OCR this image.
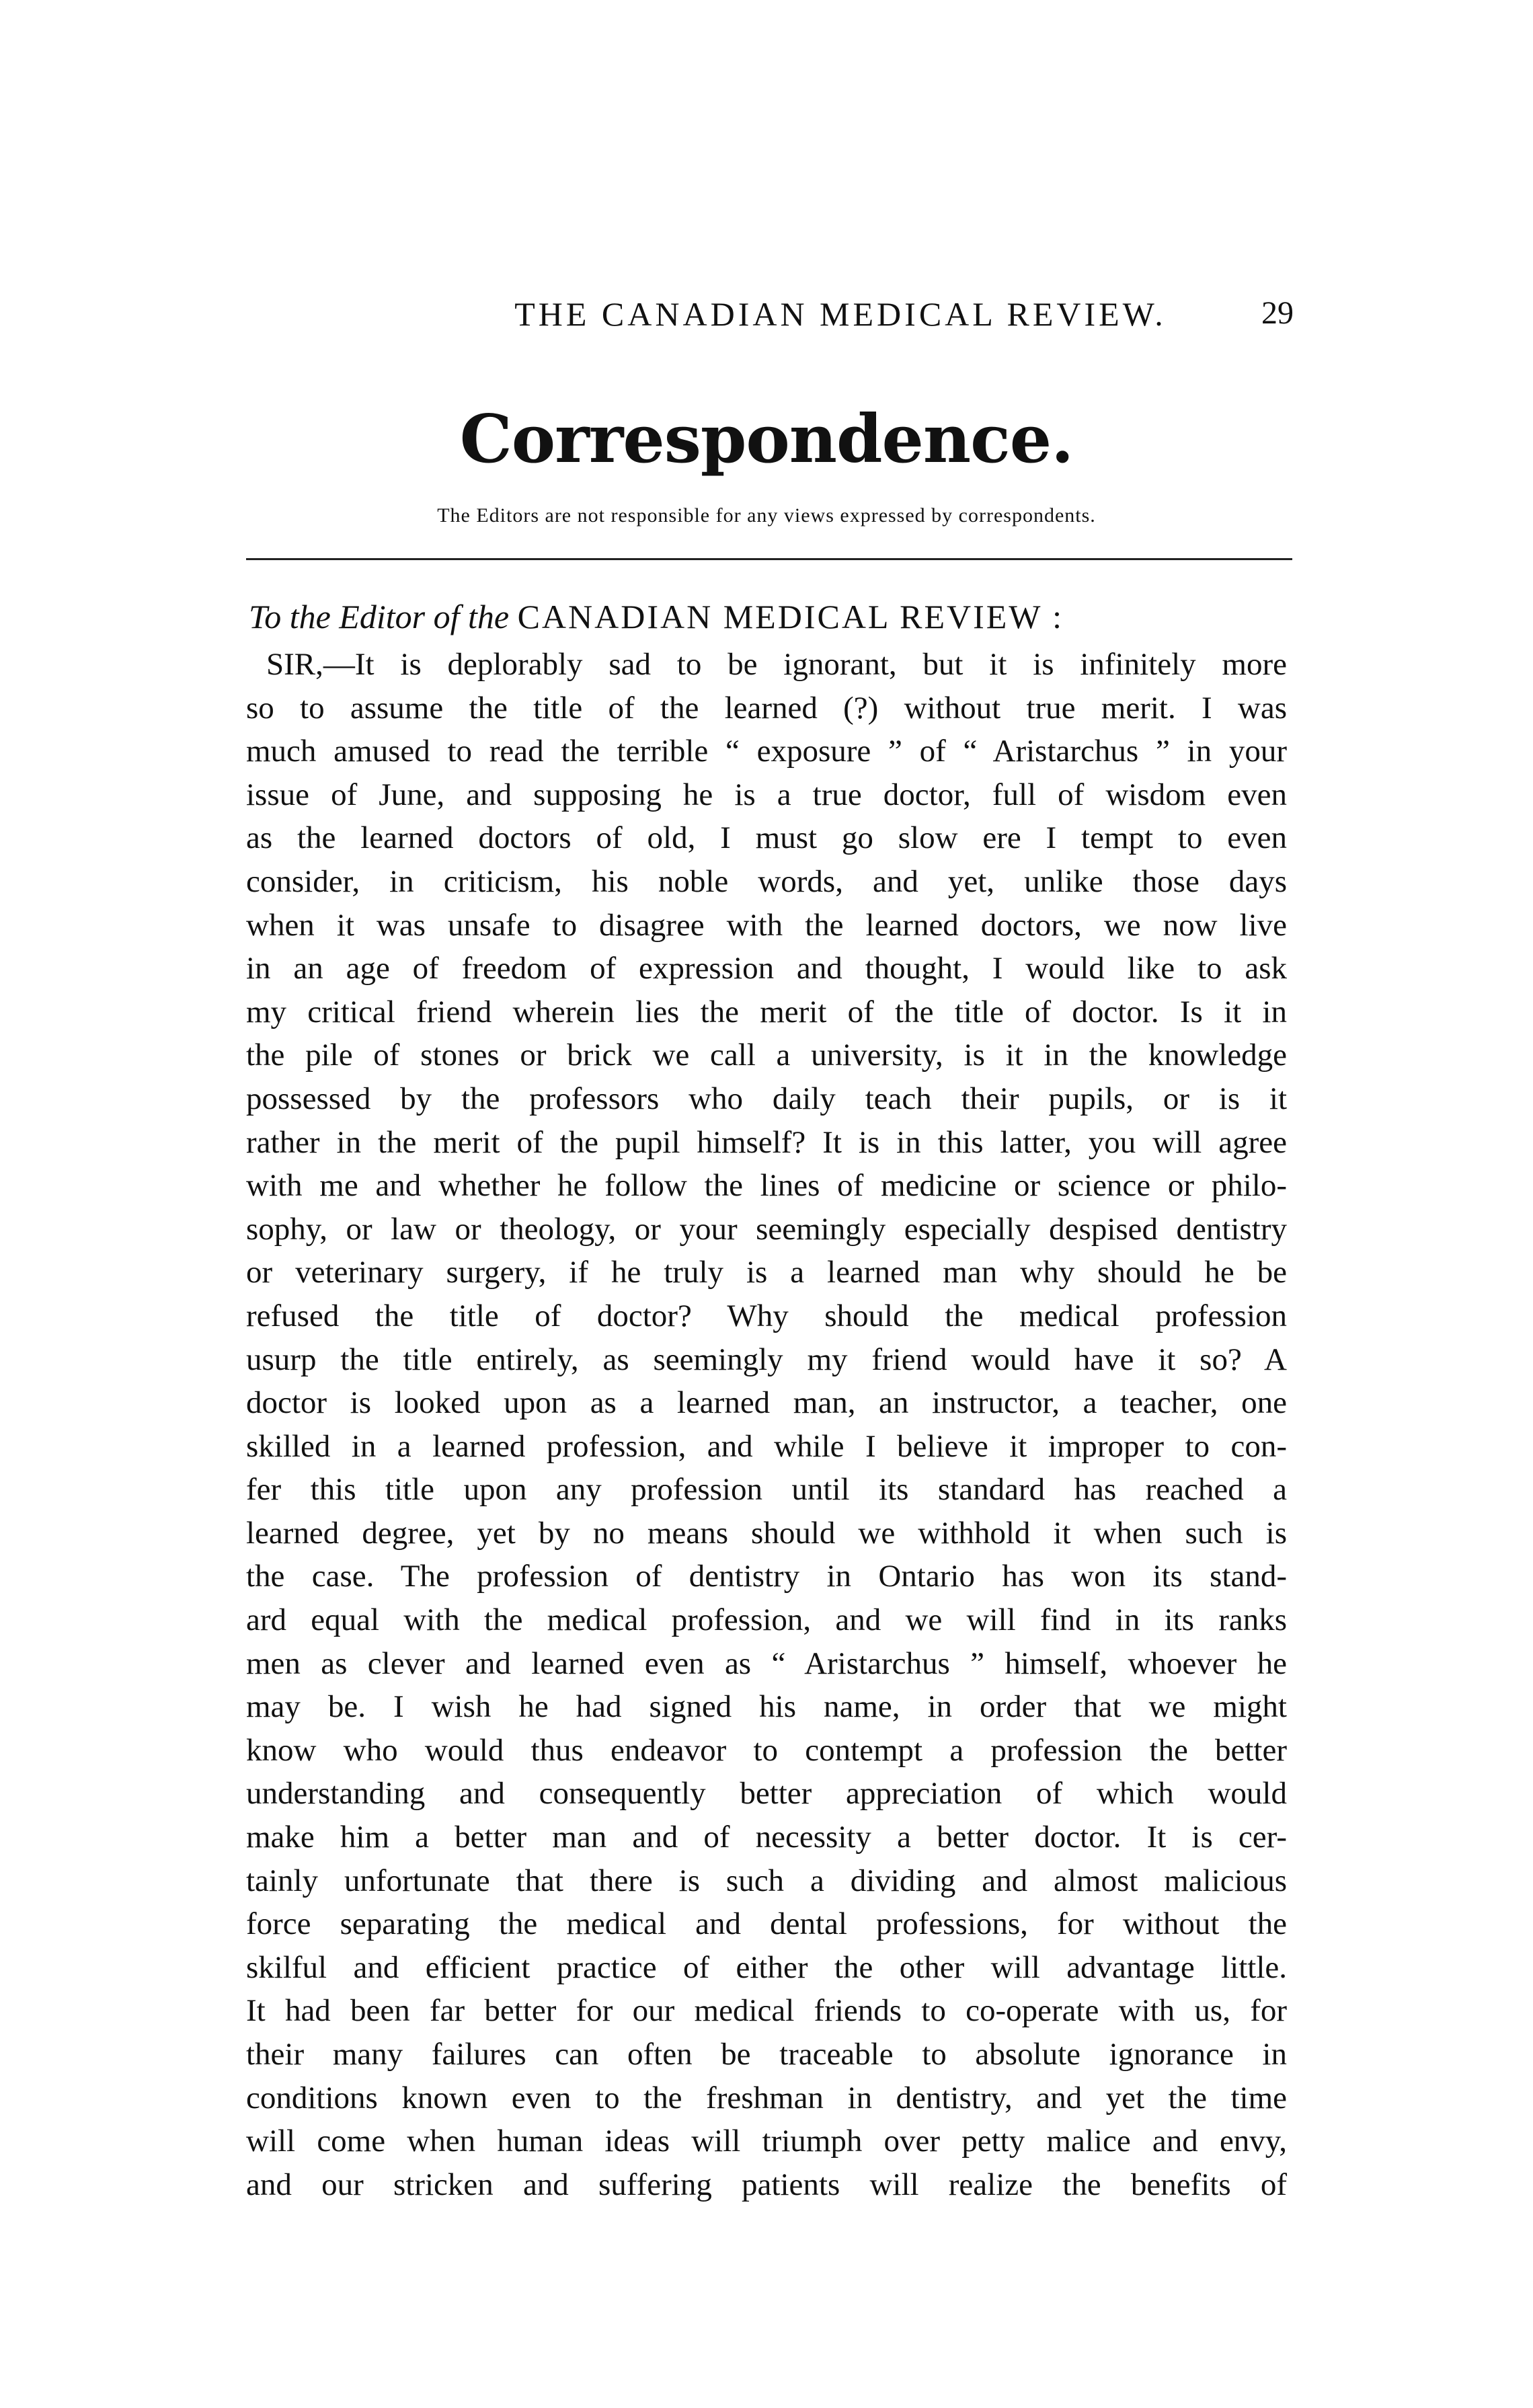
THE CANADIAN MEDICAL REVIEW.	29
Correspondence.
The Editors are not responsible for any views expressed by correspondents.
To the Editor of the CANADIAN MEDICAL REVIEW :
SIR,—It is deplorably sad to be ignorant, but it is infinitely more
so to assume the title of the learned (?) without true merit. I was
much amused to read the terrible “ exposure ” of “ Aristarchus ” in your
issue of June, and supposing he is a true doctor, full of wisdom even
as the learned doctors of old, I must go slow ere I tempt to even
consider, in criticism, his noble words, and yet, unlike those days
when it was unsafe to disagree with the learned doctors, we now live
in an age of freedom of expression and thought, I would like to ask
my critical friend wherein lies the merit of the title of doctor. Is it in
the pile of stones or brick we call a university, is it in the knowledge
possessed by the professors who daily teach their pupils, or is it
rather in the merit of the pupil himself? It is in this latter, you will agree
with me and whether he follow the lines of medicine or science or philo-
sophy, or law or theology, or your seemingly especially despised dentistry
or veterinary surgery, if he truly is a learned man why should he be
refused the title of doctor? Why should the medical profession
usurp the title entirely, as seemingly my friend would have it so? A
doctor is looked upon as a learned man, an instructor, a teacher, one
skilled in a learned profession, and while I believe it improper to con-
fer this title upon any profession until its standard has reached a
learned degree, yet by no means should we withhold it when such is
the case. The profession of dentistry in Ontario has won its stand-
ard equal with the medical profession, and we will find in its ranks
men as clever and learned even as “ Aristarchus ” himself, whoever he
may be. I wish he had signed his name, in order that we might
know who would thus endeavor to contempt a profession the better
understanding and consequently better appreciation of which would
make him a better man and of necessity a better doctor. It is cer-
tainly unfortunate that there is such a dividing and almost malicious
force separating the medical and dental professions, for without the
skilful and efficient practice of either the other will advantage little.
It had been far better for our medical friends to co-operate with us, for
their many failures can often be traceable to absolute ignorance in
conditions known even to the freshman in dentistry, and yet the time
will come when human ideas will triumph over petty malice and envy,
and our stricken and suffering patients will realize the benefits of
